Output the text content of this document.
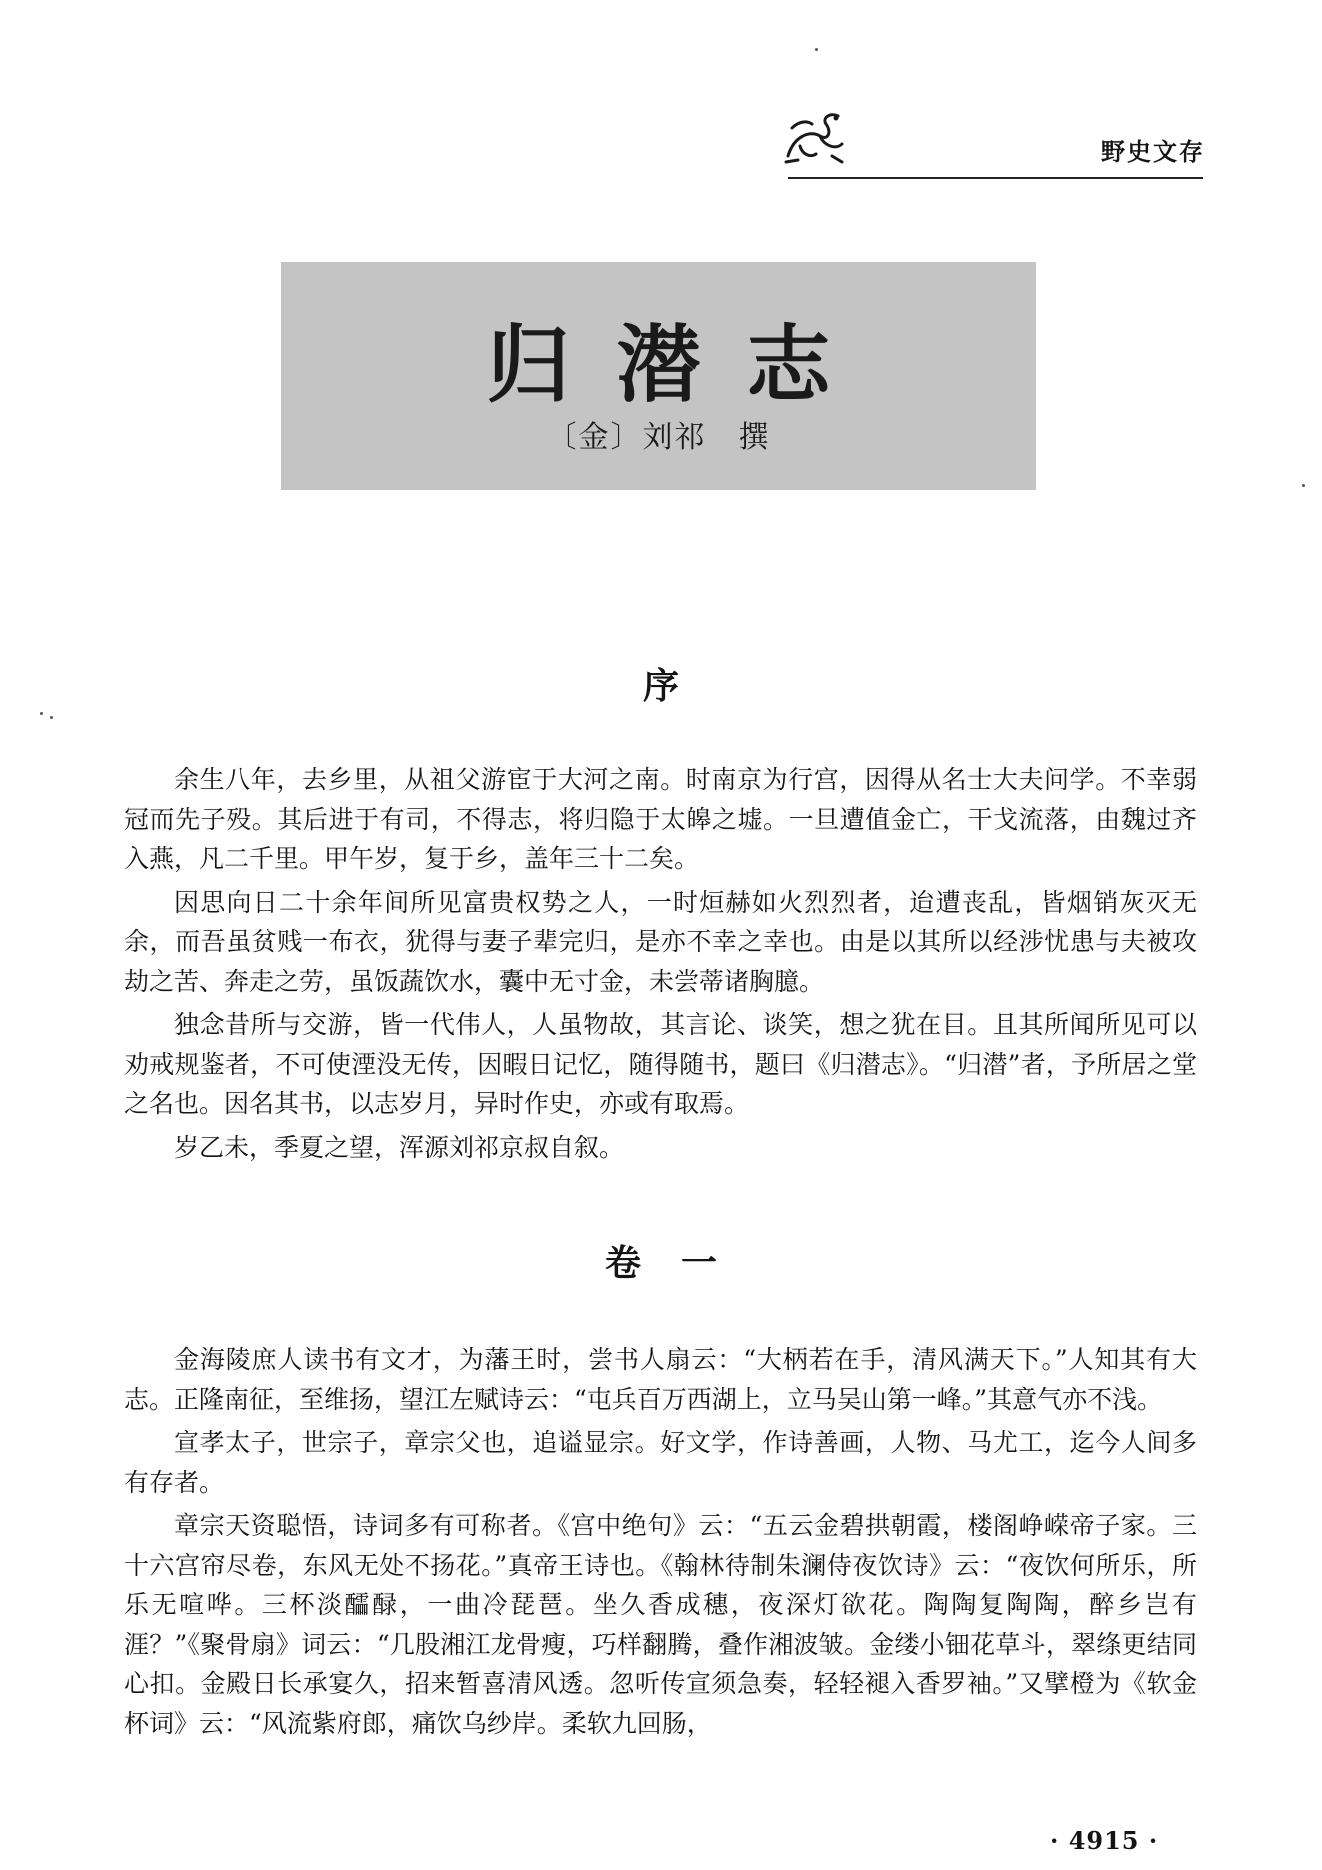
野史文存
归潜志
〔金〕刘祁　撰
序

余生八年，去乡里，从祖父游宦于大河之南。时南京为行宫，因得从名士大夫问学。不幸弱冠而先子殁。其后进于有司，不得志，将归隐于太皞之墟。一旦遭值金亡，干戈流落，由魏过齐入燕，凡二千里。甲午岁，复于乡，盖年三十二矣。

因思向日二十余年间所见富贵权势之人，一时烜赫如火烈烈者，迨遭丧乱，皆烟销灰灭无余，而吾虽贫贱一布衣，犹得与妻子辈完归，是亦不幸之幸也。由是以其所以经涉忧患与夫被攻劫之苦、奔走之劳，虽饭蔬饮水，囊中无寸金，未尝蒂诸胸臆。

独念昔所与交游，皆一代伟人，人虽物故，其言论、谈笑，想之犹在目。且其所闻所见可以劝戒规鉴者，不可使湮没无传，因暇日记忆，随得随书，题曰《归潜志》。“归潜”者，予所居之堂之名也。因名其书，以志岁月，异时作史，亦或有取焉。

岁乙未，季夏之望，浑源刘祁京叔自叙。

卷一

金海陵庶人读书有文才，为藩王时，尝书人扇云：“大柄若在手，清风满天下。”人知其有大志。正隆南征，至维扬，望江左赋诗云：“屯兵百万西湖上，立马吴山第一峰。”其意气亦不浅。

宣孝太子，世宗子，章宗父也，追谥显宗。好文学，作诗善画，人物、马尤工，迄今人间多有存者。

章宗天资聪悟，诗词多有可称者。《宫中绝句》云：“五云金碧拱朝霞，楼阁峥嵘帝子家。三十六宫帘尽卷，东风无处不扬花。”真帝王诗也。《翰林待制朱澜侍夜饮诗》云：“夜饮何所乐，所乐无喧哗。三杯淡醽醁，一曲冷琵琶。坐久香成穗，夜深灯欲花。陶陶复陶陶，醉乡岂有涯？”《聚骨扇》词云：“几股湘江龙骨瘦，巧样翻腾，叠作湘波皱。金缕小钿花草斗，翠绦更结同心扣。金殿日长承宴久，招来暂喜清风透。忽听传宣须急奏，轻轻褪入香罗袖。”又擘橙为《软金杯词》云：“风流紫府郎，痛饮乌纱岸。柔软九回肠，

· 4915 ·
